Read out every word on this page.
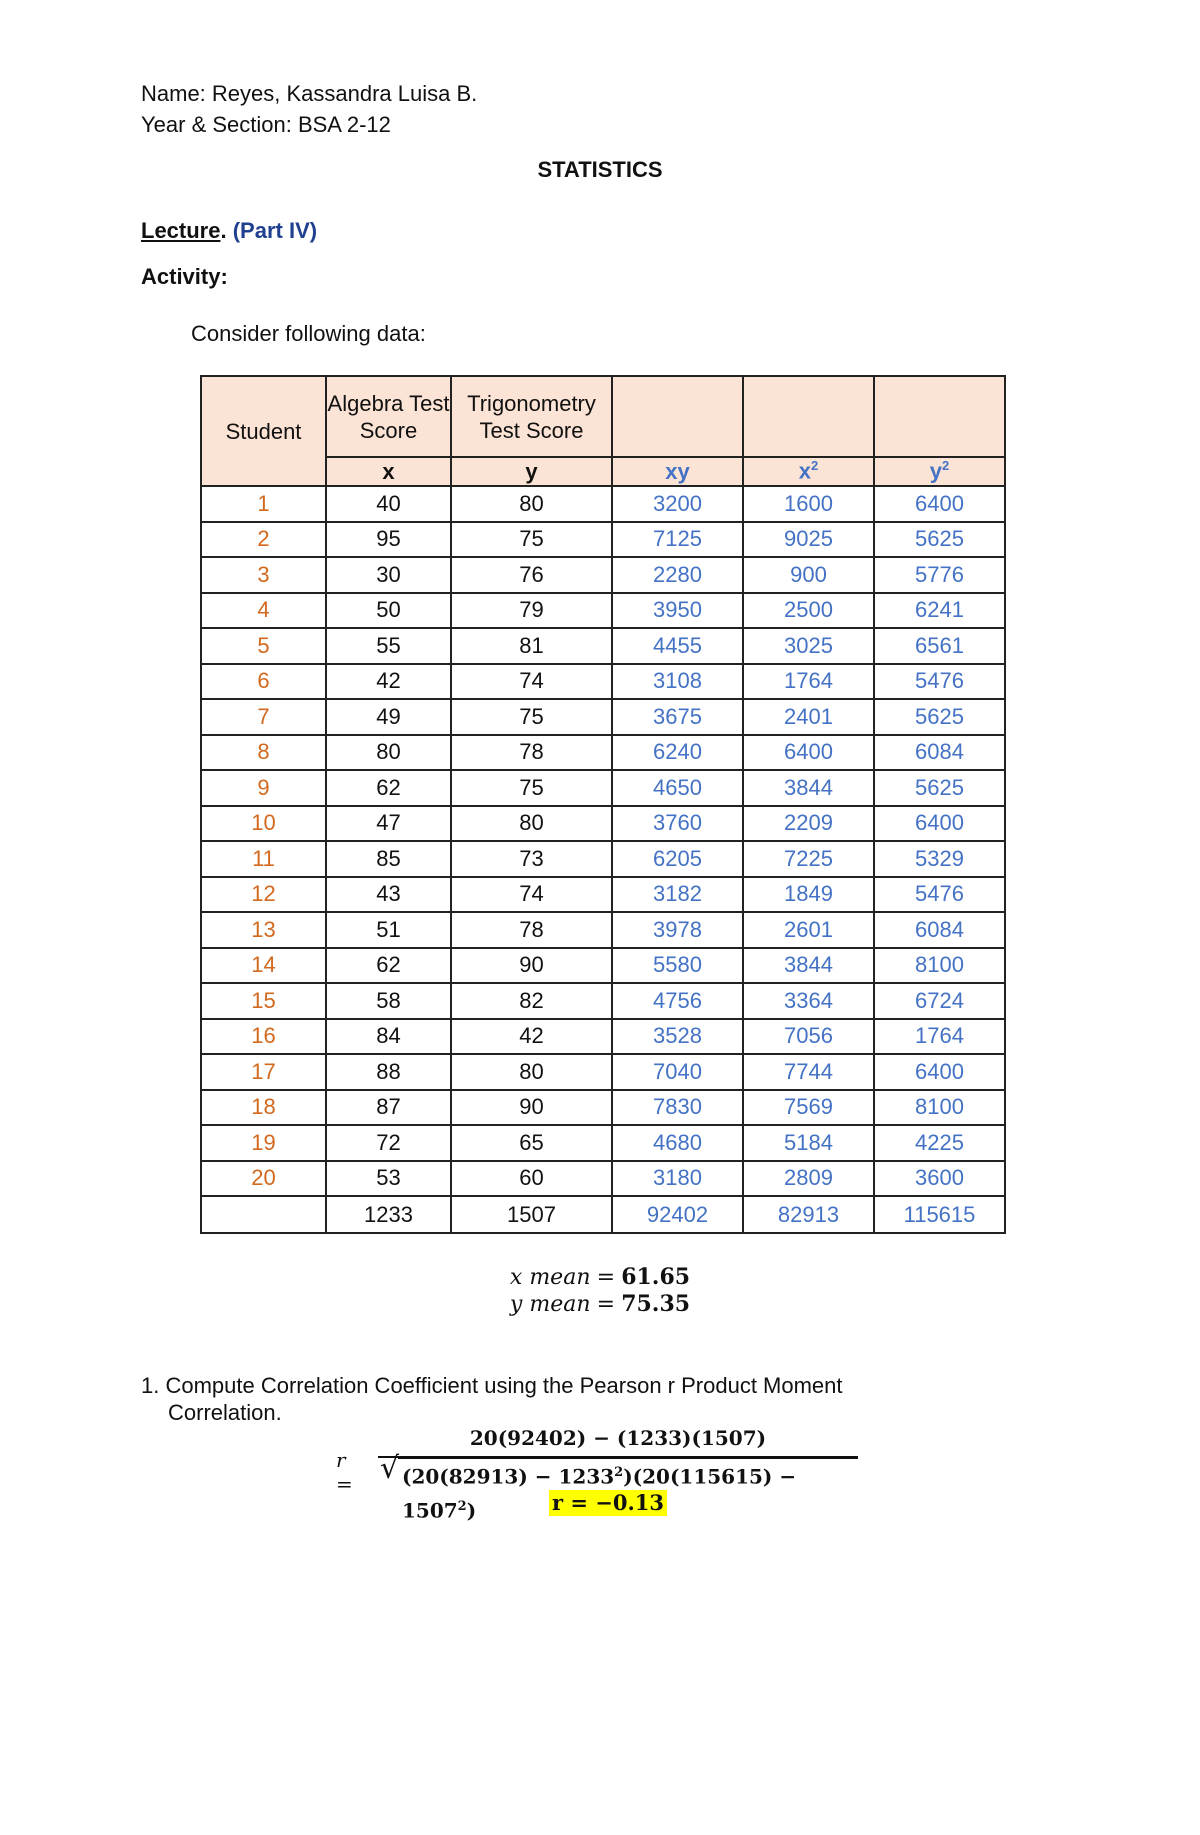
Name: Reyes, Kassandra Luisa B.
Year & Section: BSA 2-12
STATISTICS
Lecture. (Part IV)
Activity:
Consider following data:
Student	Algebra Test Score	Trigonometry Test Score			
	x	y	xy	$x^2$	$y^2$
1	40	80	3200	1600	6400
2	95	75	7125	9025	5625
3	30	76	2280	900	5776
4	50	79	3950	2500	6241
5	55	81	4455	3025	6561
6	42	74	3108	1764	5476
7	49	75	3675	2401	5625
8	80	78	6240	6400	6084
9	62	75	4650	3844	5625
10	47	80	3760	2209	6400
11	85	73	6205	7225	5329
12	43	74	3182	1849	5476
13	51	78	3978	2601	6084
14	62	90	5580	3844	8100
15	58	82	4756	3364	6724
16	84	42	3528	7056	1764
17	88	80	7040	7744	6400
18	87	90	7830	7569	8100
19	72	65	4680	5184	4225
20	53	60	3180	2809	3600
	1233	1507	92402	82913	115615
x mean = 61.65
y mean = 75.35
1. Compute Correlation Coefficient using the Pearson r Product Moment
Correlation.
r =
20(92402) − (1233)(1507)
√ $(20(82913) - 1233^2)(20(115615) - 1507^2)$	r = −0.13
